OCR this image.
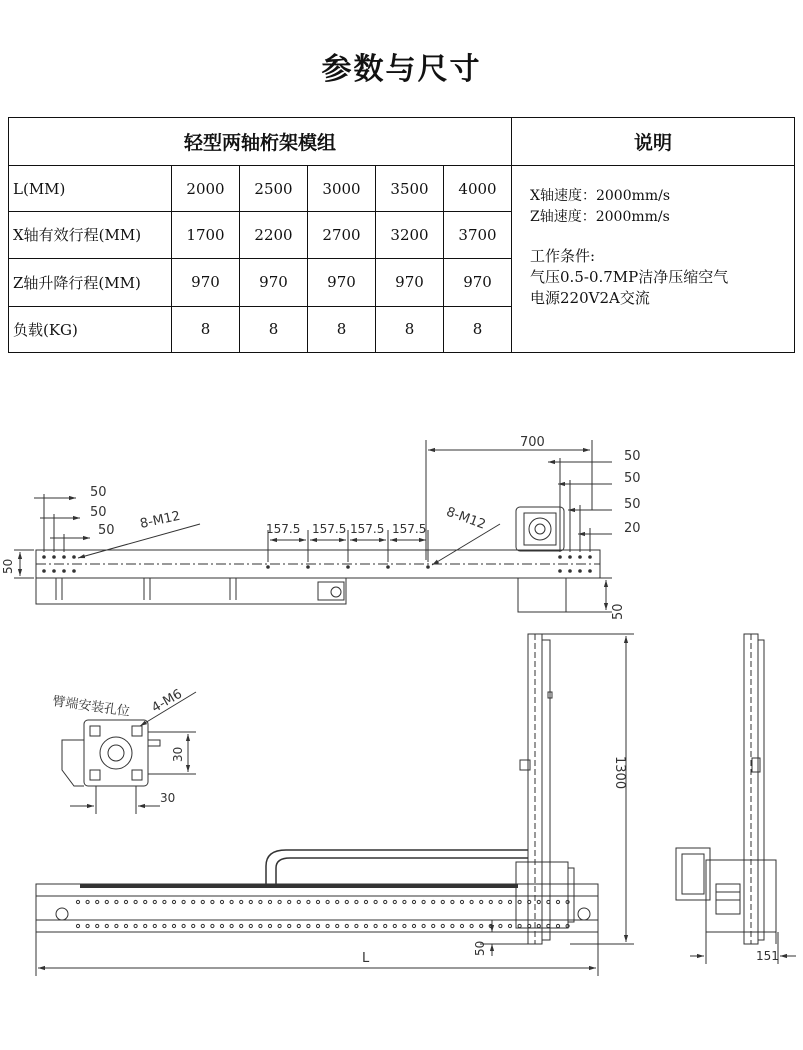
参数与尺寸
轻型两轴桁架模组						说明
L(MM)	2000	2500	3000	3500	4000	X轴速度：2000mm/s
Z轴速度：2000mm/s
工作条件:
气压0.5-0.7MP洁净压缩空气
电源220V2A交流

X轴有效行程(MM)	1700	2200	2700	3200	3700	
Z轴升降行程(MM)	970	970	970	970	970	
负载(KG)	8	8	8	8	8	
700
50
50
50
20
50
50
50
50
50 8-M12	8-M12
157.5 157.5 157.5 157.5
臂端安装孔位 4-M6
30
30
1300
50
L	151
